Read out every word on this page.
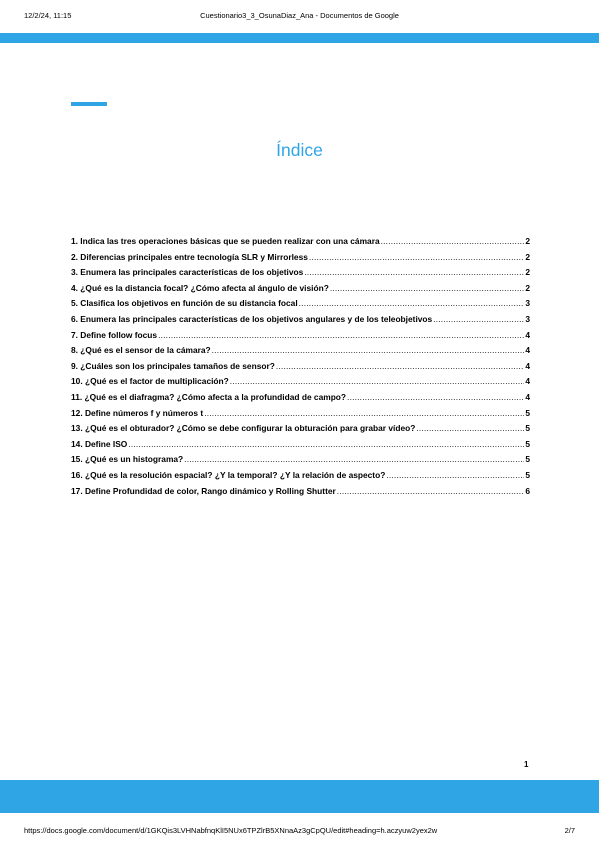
12/2/24, 11:15	Cuestionario3_3_OsunaDiaz_Ana - Documentos de Google
Índice
1. Indica las tres operaciones básicas que se pueden realizar con una cámara .....	2
2. Diferencias principales entre tecnología SLR y Mirrorless .....	2
3. Enumera las principales características de los objetivos .....	2
4. ¿Qué es la distancia focal? ¿Cómo afecta al ángulo de visión? .....	2
5. Clasifica los objetivos en función de su distancia focal .....	3
6. Enumera las principales características de los objetivos angulares y de los teleobjetivos .....	3
7. Define follow focus .....	4
8. ¿Qué es el sensor de la cámara? .....	4
9. ¿Cuáles son los principales tamaños de sensor? .....	4
10. ¿Qué es el factor de multiplicación? .....	4
11. ¿Qué es el diafragma? ¿Cómo afecta a la profundidad de campo? .....	4
12. Define números f y números t .....	5
13. ¿Qué es el obturador? ¿Cómo se debe configurar la obturación para grabar vídeo? .....	5
14. Define ISO .....	5
15. ¿Qué es un histograma? .....	5
16. ¿Qué es la resolución espacial? ¿Y la temporal? ¿Y la relación de aspecto? .....	5
17. Define Profundidad de color, Rango dinámico y Rolling Shutter .....	6
1
https://docs.google.com/document/d/1GKQis3LVHNabfnqKlI5NUx6TPZlrB5XNnaAz3gCpQU/edit#heading=h.aczyuw2yex2w	2/7
